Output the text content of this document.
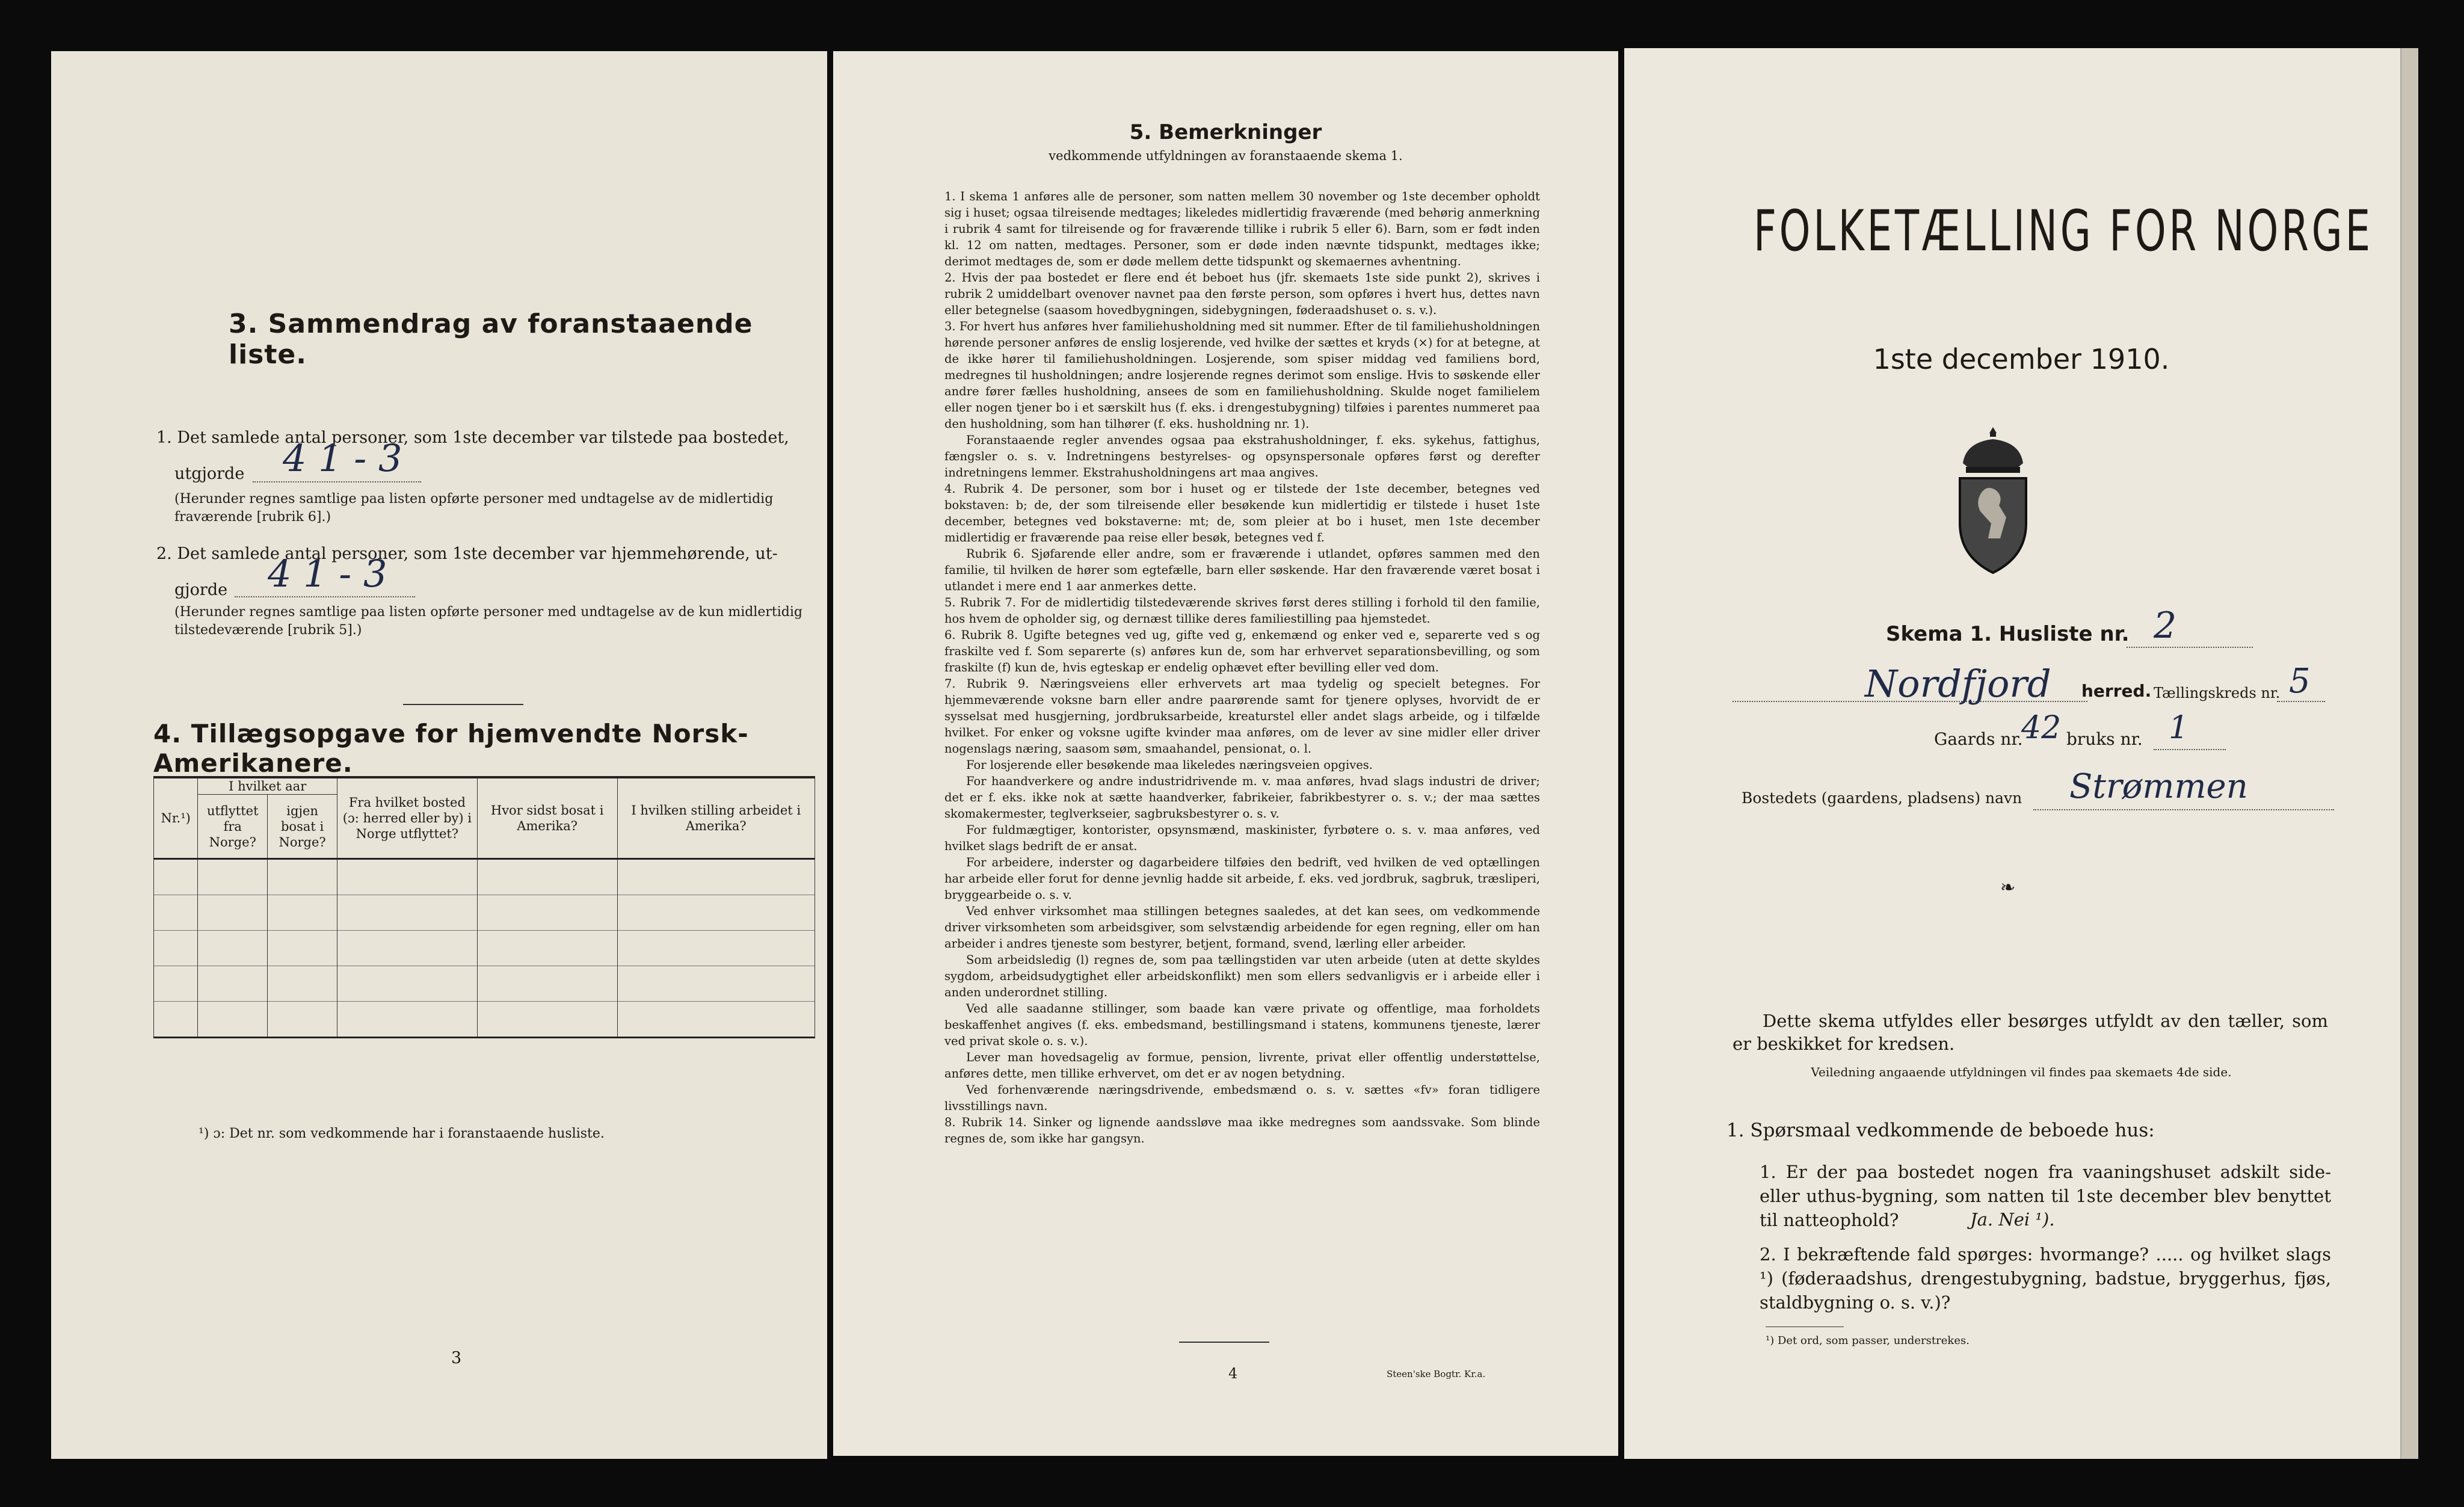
3. Sammendrag av foranstaaende liste.
1. Det samlede antal personer, som 1ste december var tilstede paa bostedet,
utgjorde 4 1 - 3
(Herunder regnes samtlige paa listen opførte personer med undtagelse av de midlertidig fraværende [rubrik 6].)
2. Det samlede antal personer, som 1ste december var hjemmehørende, ut-
gjorde 4 1 - 3
(Herunder regnes samtlige paa listen opførte personer med undtagelse av de kun midlertidig tilstedeværende [rubrik 5].)
4. Tillægsopgave for hjemvendte Norsk-Amerikanere.
Nr.¹)	I hvilket aar		Fra hvilket bosted (ɔ: herred eller by) i Norge utflyttet?	Hvor sidst bosat i Amerika?	I hvilken stilling arbeidet i Amerika?
	utflyttet fra Norge?	igjen bosat i Norge?			

¹) ɔ: Det nr. som vedkommende har i foranstaaende husliste.
3
5. Bemerkninger
vedkommende utfyldningen av foranstaaende skema 1.

1. I skema 1 anføres alle de personer, som natten mellem 30 november og 1ste december opholdt sig i huset; ogsaa tilreisende medtages; likeledes midlertidig fraværende (med behørig anmerkning i rubrik 4 samt for tilreisende og for fraværende tillike i rubrik 5 eller 6). Barn, som er født inden kl. 12 om natten, medtages. Personer, som er døde inden nævnte tidspunkt, medtages ikke; derimot medtages de, som er døde mellem dette tidspunkt og skemaernes avhentning.

2. Hvis der paa bostedet er flere end ét beboet hus (jfr. skemaets 1ste side punkt 2), skrives i rubrik 2 umiddelbart ovenover navnet paa den første person, som opføres i hvert hus, dettes navn eller betegnelse (saasom hovedbygningen, sidebygningen, føderaadshuset o. s. v.).

3. For hvert hus anføres hver familiehusholdning med sit nummer. Efter de til familiehusholdningen hørende personer anføres de enslig losjerende, ved hvilke der sættes et kryds (×) for at betegne, at de ikke hører til familiehusholdningen. Losjerende, som spiser middag ved familiens bord, medregnes til husholdningen; andre losjerende regnes derimot som enslige. Hvis to søskende eller andre fører fælles husholdning, ansees de som en familiehusholdning. Skulde noget familielem eller nogen tjener bo i et særskilt hus (f. eks. i drengestubygning) tilføies i parentes nummeret paa den husholdning, som han tilhører (f. eks. husholdning nr. 1).

Foranstaaende regler anvendes ogsaa paa ekstrahusholdninger, f. eks. sykehus, fattighus, fængsler o. s. v. Indretningens bestyrelses- og opsynspersonale opføres først og derefter indretningens lemmer. Ekstrahusholdningens art maa angives.

4. Rubrik 4. De personer, som bor i huset og er tilstede der 1ste december, betegnes ved bokstaven: b; de, der som tilreisende eller besøkende kun midlertidig er tilstede i huset 1ste december, betegnes ved bokstaverne: mt; de, som pleier at bo i huset, men 1ste december midlertidig er fraværende paa reise eller besøk, betegnes ved f.

Rubrik 6. Sjøfarende eller andre, som er fraværende i utlandet, opføres sammen med den familie, til hvilken de hører som egtefælle, barn eller søskende. Har den fraværende været bosat i utlandet i mere end 1 aar anmerkes dette.

5. Rubrik 7. For de midlertidig tilstedeværende skrives først deres stilling i forhold til den familie, hos hvem de opholder sig, og dernæst tillike deres familiestilling paa hjemstedet.

6. Rubrik 8. Ugifte betegnes ved ug, gifte ved g, enkemænd og enker ved e, separerte ved s og fraskilte ved f. Som separerte (s) anføres kun de, som har erhvervet separationsbevilling, og som fraskilte (f) kun de, hvis egteskap er endelig ophævet efter bevilling eller ved dom.

7. Rubrik 9. Næringsveiens eller erhvervets art maa tydelig og specielt betegnes. For hjemmeværende voksne barn eller andre paarørende samt for tjenere oplyses, hvorvidt de er sysselsat med husgjerning, jordbruksarbeide, kreaturstel eller andet slags arbeide, og i tilfælde hvilket. For enker og voksne ugifte kvinder maa anføres, om de lever av sine midler eller driver nogenslags næring, saasom søm, smaahandel, pensionat, o. l.

For losjerende eller besøkende maa likeledes næringsveien opgives.

For haandverkere og andre industridrivende m. v. maa anføres, hvad slags industri de driver; det er f. eks. ikke nok at sætte haandverker, fabrikeier, fabrikbestyrer o. s. v.; der maa sættes skomakermester, teglverkseier, sagbruksbestyrer o. s. v.

For fuldmægtiger, kontorister, opsynsmænd, maskinister, fyrbøtere o. s. v. maa anføres, ved hvilket slags bedrift de er ansat.

For arbeidere, inderster og dagarbeidere tilføies den bedrift, ved hvilken de ved optællingen har arbeide eller forut for denne jevnlig hadde sit arbeide, f. eks. ved jordbruk, sagbruk, træsliperi, bryggearbeide o. s. v.

Ved enhver virksomhet maa stillingen betegnes saaledes, at det kan sees, om vedkommende driver virksomheten som arbeidsgiver, som selvstændig arbeidende for egen regning, eller om han arbeider i andres tjeneste som bestyrer, betjent, formand, svend, lærling eller arbeider.

Som arbeidsledig (l) regnes de, som paa tællingstiden var uten arbeide (uten at dette skyldes sygdom, arbeidsudygtighet eller arbeidskonflikt) men som ellers sedvanligvis er i arbeide eller i anden underordnet stilling.

Ved alle saadanne stillinger, som baade kan være private og offentlige, maa forholdets beskaffenhet angives (f. eks. embedsmand, bestillingsmand i statens, kommunens tjeneste, lærer ved privat skole o. s. v.).

Lever man hovedsagelig av formue, pension, livrente, privat eller offentlig understøttelse, anføres dette, men tillike erhvervet, om det er av nogen betydning.

Ved forhenværende næringsdrivende, embedsmænd o. s. v. sættes «fv» foran tidligere livsstillings navn.

8. Rubrik 14. Sinker og lignende aandssløve maa ikke medregnes som aandssvake. Som blinde regnes de, som ikke har gangsyn.

4	Steen'ske Bogtr. Kr.a.
FOLKETÆLLING FOR NORGE
1ste december 1910.
Skema 1. Husliste nr. 2
Nordfjord herred. Tællingskreds nr. 5
Gaards nr.
42 bruks nr. 1
Bostedets (gaardens, pladsens) navn Strømmen
❧
Dette skema utfyldes eller besørges utfyldt av den tæller, som er beskikket for kredsen.
Veiledning angaaende utfyldningen vil findes paa skemaets 4de side.
1. Spørsmaal vedkommende de beboede hus:
1. Er der paa bostedet nogen fra vaaningshuset adskilt side- eller uthus-bygning, som natten til 1ste december blev benyttet til natteophold?	Ja. Nei ¹).
2. I bekræftende fald spørges: hvormange? ..... og hvilket slags ¹) (føderaadshus, drengestubygning, badstue, bryggerhus, fjøs, staldbygning o. s. v.)?
¹) Det ord, som passer, understrekes.
